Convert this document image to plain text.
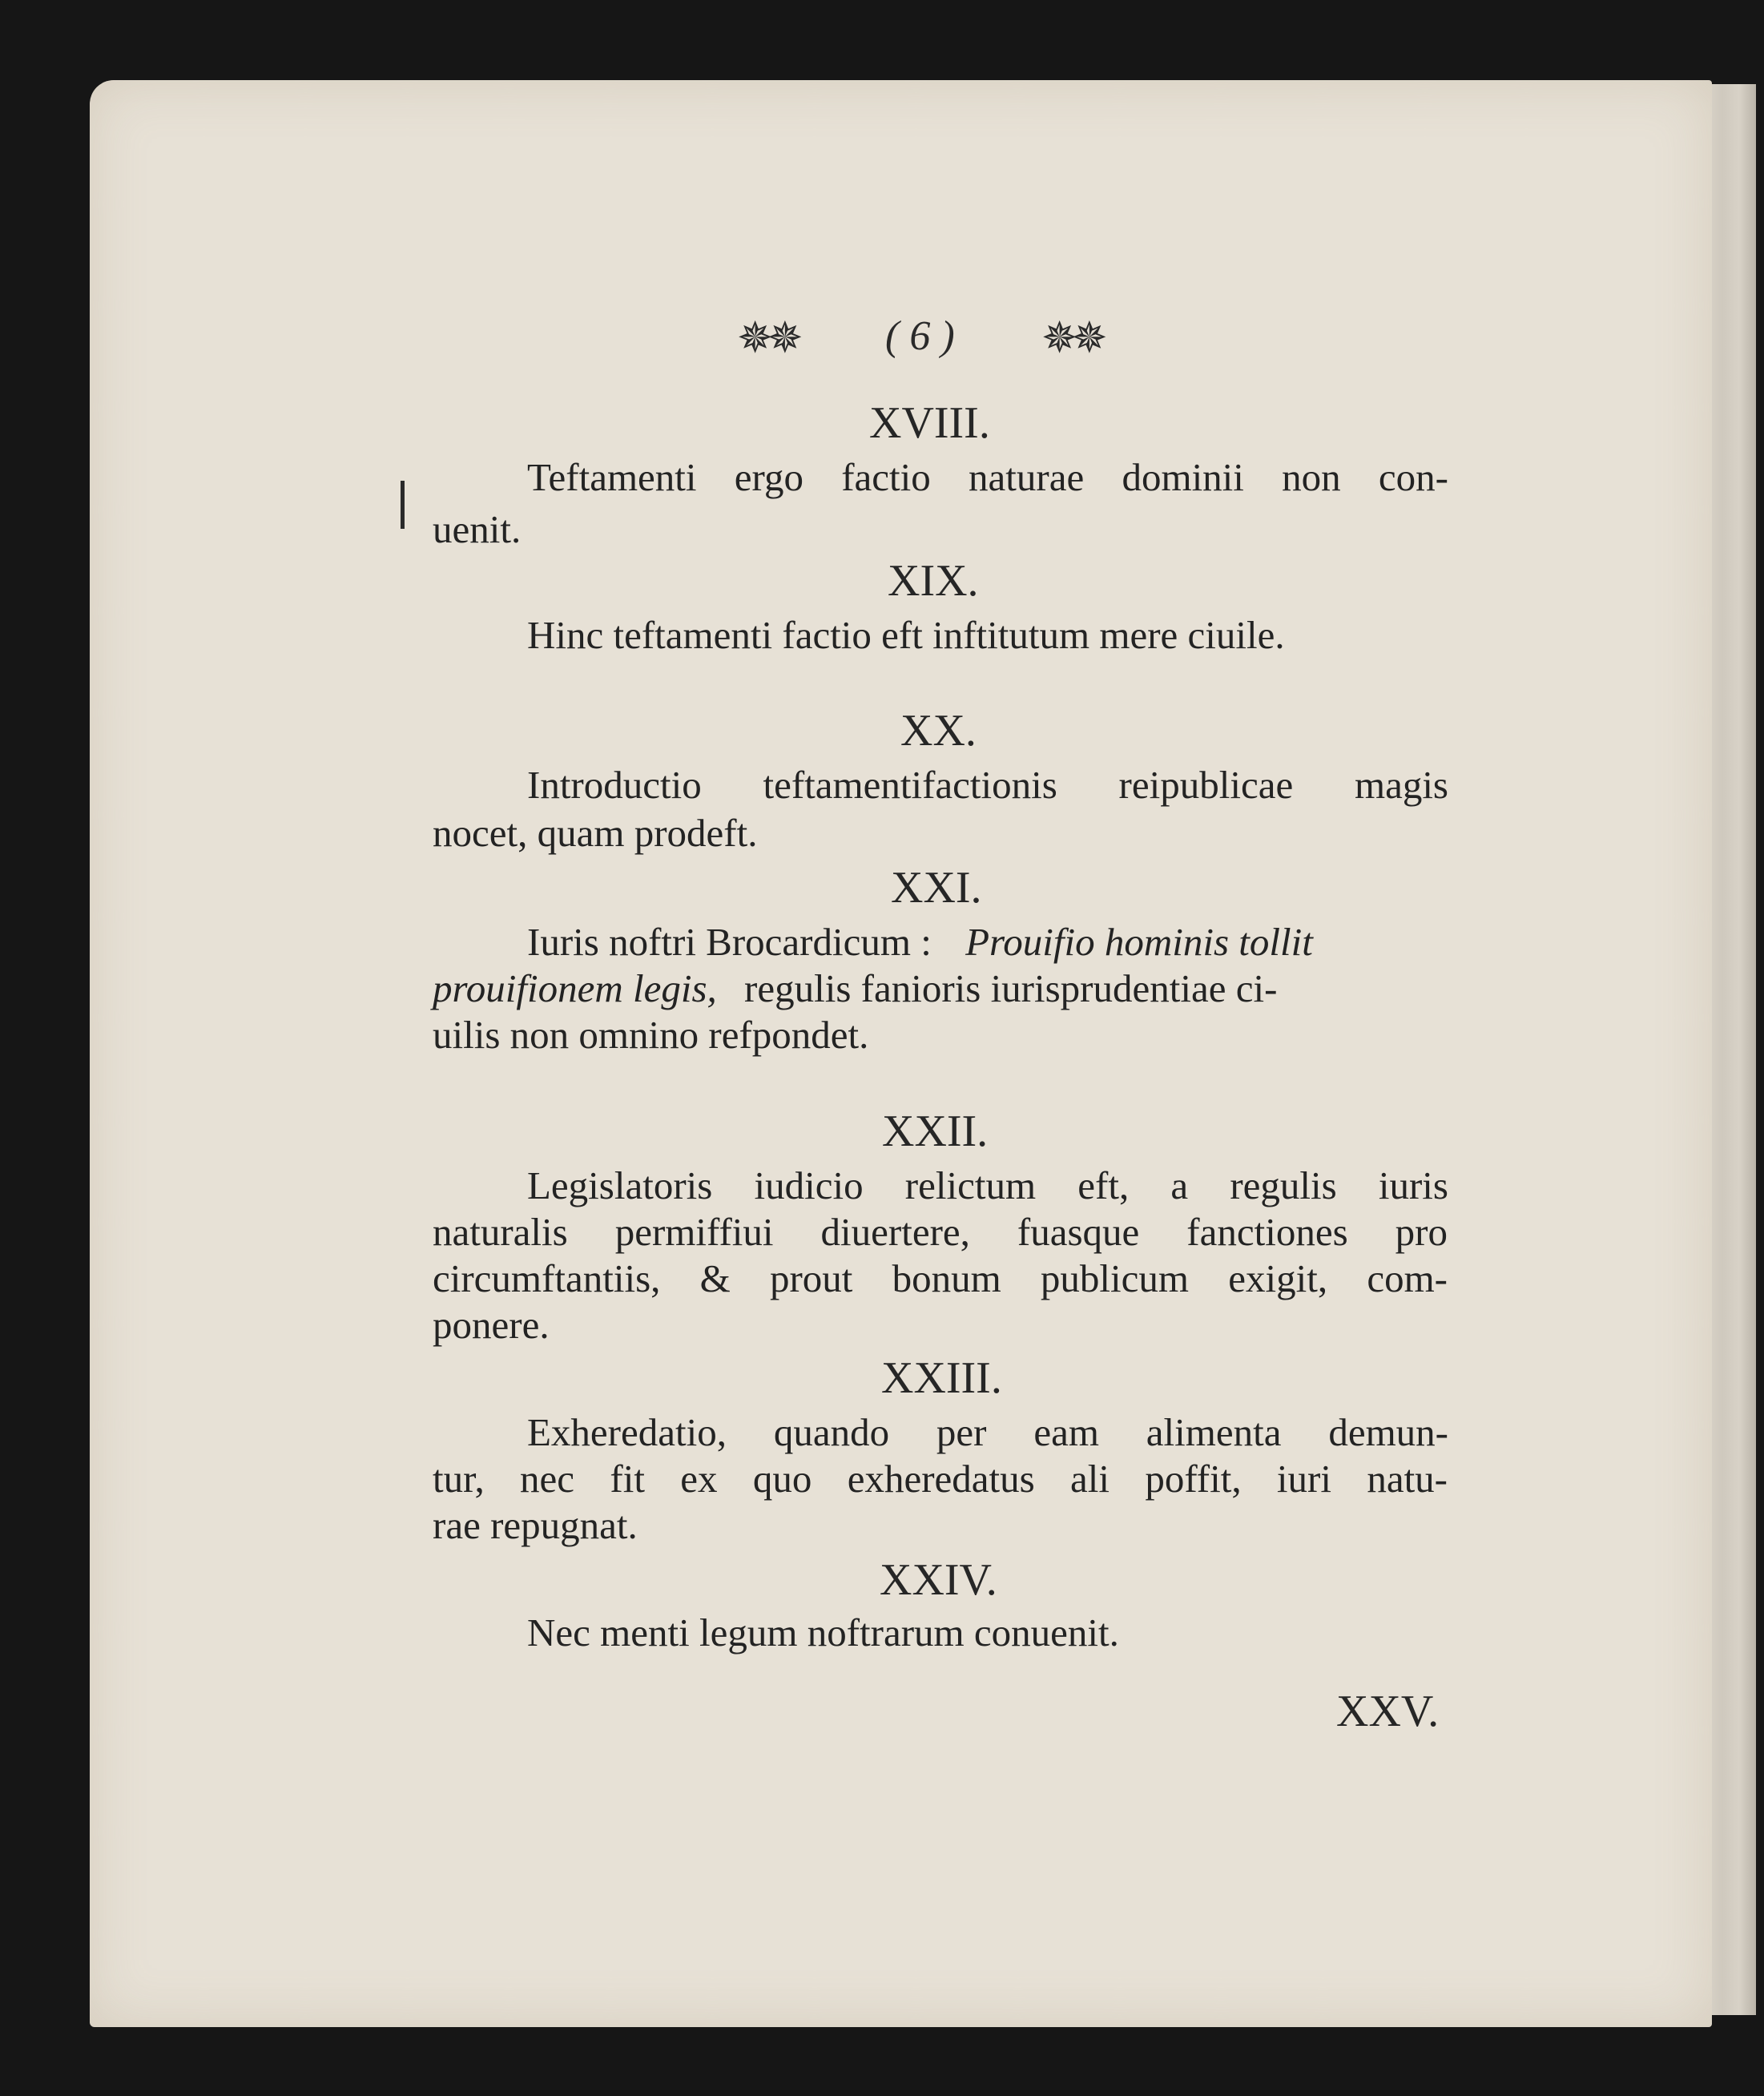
✵✵ ( 6 ) ✵✵
XVIII.
Teftamenti ergo factio naturae dominii non con-
uenit.
XIX.
Hinc teftamenti factio eft inftitutum mere ciuile.
XX.
Introductio teftamentifactionis reipublicae magis
nocet, quam prodeft.
XXI.
Iuris noftri Brocardicum : Prouifio hominis tollit
prouifionem legis, regulis fanioris iurisprudentiae ci-
uilis non omnino refpondet.
XXII.
Legislatoris iudicio relictum eft, a regulis iuris
naturalis permiffiui diuertere, fuasque fanctiones pro
circumftantiis, & prout bonum publicum exigit, com-
ponere.
XXIII.
Exheredatio, quando per eam alimenta demun-
tur, nec fit ex quo exheredatus ali poffit, iuri natu-
rae repugnat.
XXIV.
Nec menti legum noftrarum conuenit.
XXV.
